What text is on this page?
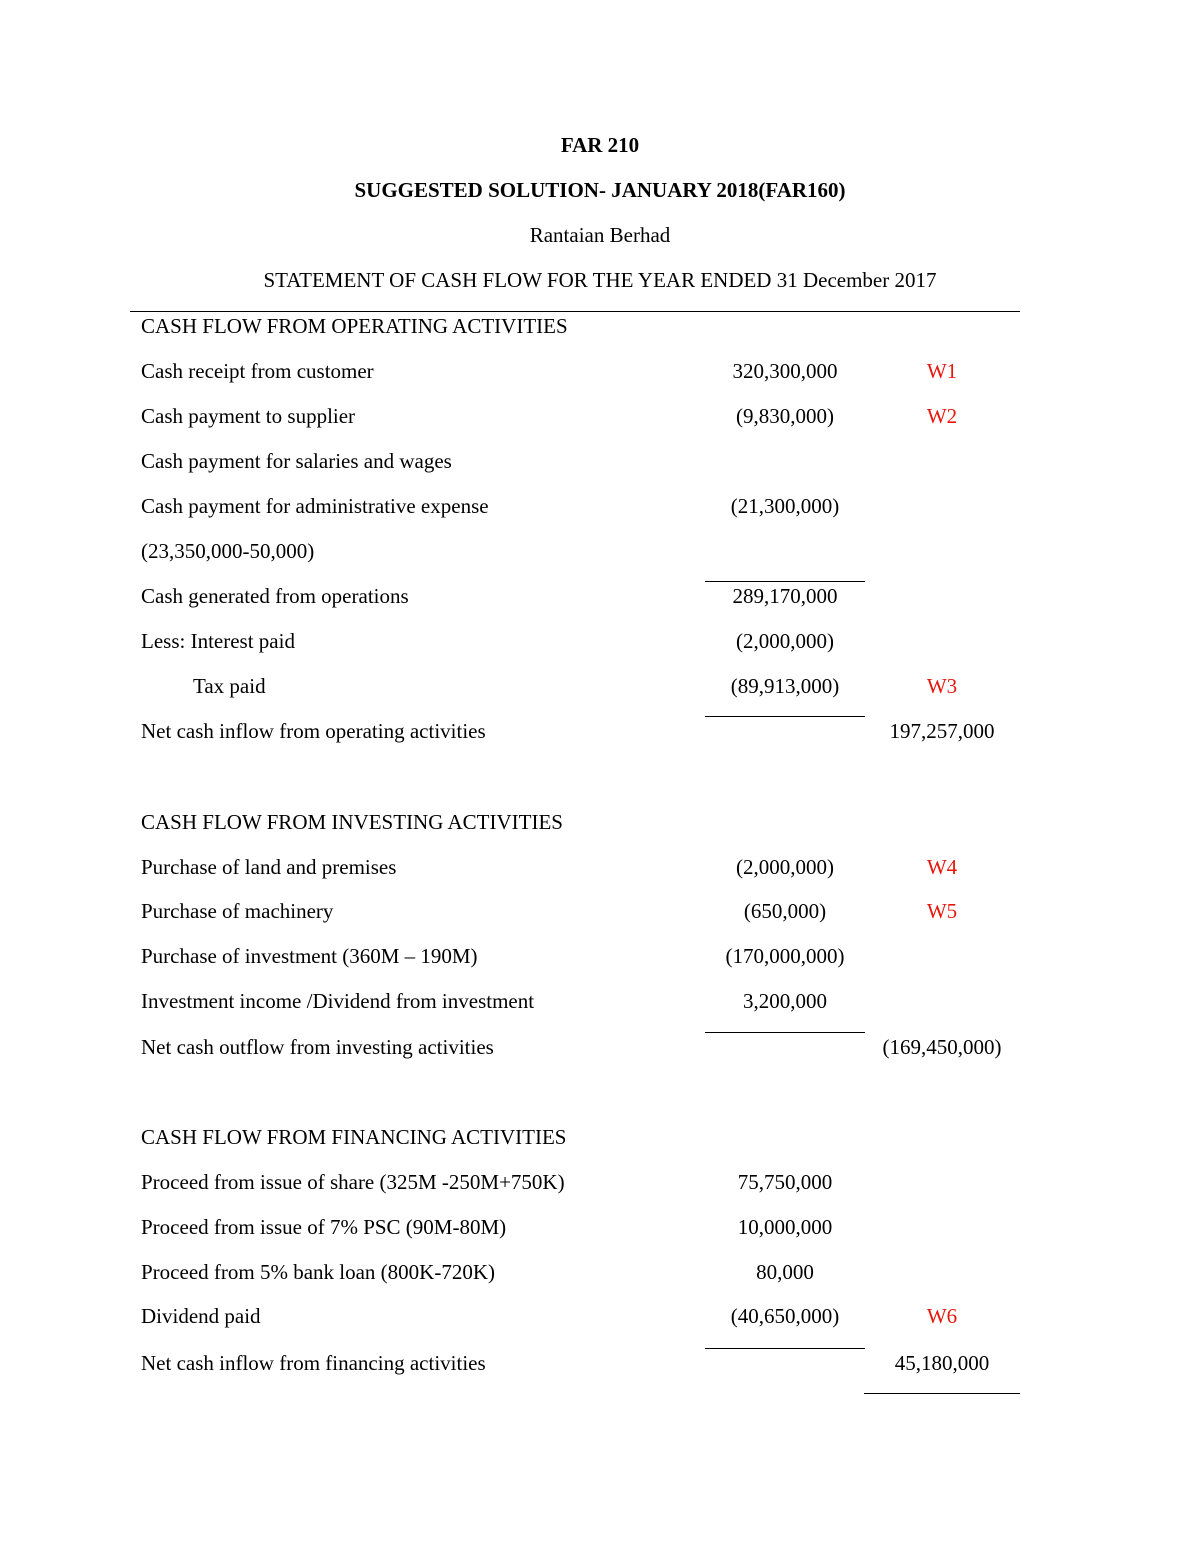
FAR 210
SUGGESTED SOLUTION- JANUARY 2018(FAR160)
Rantaian Berhad
STATEMENT OF CASH FLOW FOR THE YEAR ENDED 31 December 2017
CASH FLOW FROM OPERATING ACTIVITIES
Cash receipt from customer	320,300,000	W1
Cash payment to supplier	(9,830,000)	W2
Cash payment for salaries and wages
Cash payment for administrative expense	(21,300,000)
(23,350,000-50,000)
Cash generated from operations	289,170,000
Less: Interest paid	(2,000,000)
Tax paid	(89,913,000)	W3
Net cash inflow from operating activities	197,257,000
CASH FLOW FROM INVESTING ACTIVITIES
Purchase of land and premises	(2,000,000)	W4
Purchase of machinery	(650,000)	W5
Purchase of investment (360M – 190M)	(170,000,000)
Investment income /Dividend from investment	3,200,000
Net cash outflow from investing activities	(169,450,000)
CASH FLOW FROM FINANCING ACTIVITIES
Proceed from issue of share (325M -250M+750K)	75,750,000
Proceed from issue of 7% PSC (90M-80M)	10,000,000
Proceed from 5% bank loan (800K-720K)	80,000
Dividend paid	(40,650,000)	W6
Net cash inflow from financing activities	45,180,000
